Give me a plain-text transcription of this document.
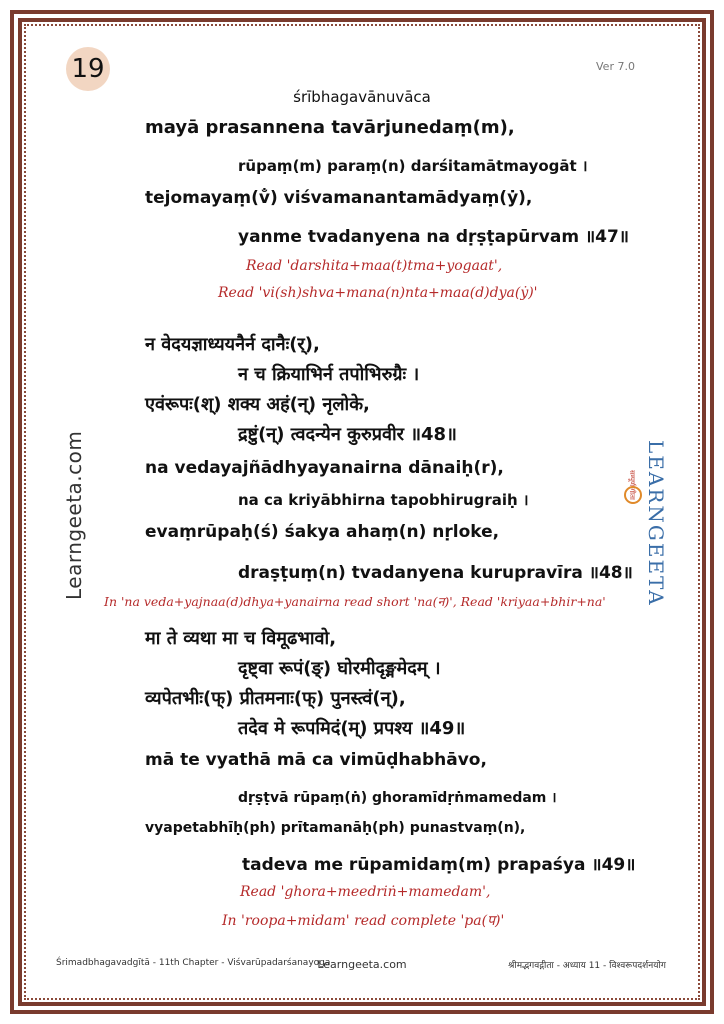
19	Ver 7.0
śrībhagavānuvāca
mayā prasannena tavārjunedaṃ(m),
rūpaṃ(m) paraṃ(n) darśitamātmayogāt ।
tejomayaṃ(v̐) viśvamanantamādyaṃ(ẏ),
yanme tvadanyena na dṛṣṭapūrvam ॥47॥
Read 'darshita+maa(t)tma+yogaat',
Read 'vi(sh)shva+mana(n)nta+maa(d)dya(ẏ)'
न वेदयज्ञाध्ययनैर्न दानैः(र्),
न च क्रियाभिर्न तपोभिरुग्रैः ।
एवंरूपः(श्) शक्य अहं(न्) नृलोके,
द्रष्टुं(न्) त्वदन्येन कुरुप्रवीर ॥48॥
na vedayajñādhyayanairna dānaiḥ(r),
na ca kriyābhirna tapobhirugraiḥ ।
evaṃrūpaḥ(ś) śakya ahaṃ(n) nṛloke,
draṣṭuṃ(n) tvadanyena kurupravīra ॥48॥
In 'na veda+yajnaa(d)dhya+yanairna read short 'na(न)', Read 'kriyaa+bhir+na'
मा ते व्यथा मा च विमूढभावो,
दृष्ट्वा रूपं(ङ्) घोरमीदृङ्ममेदम् ।
व्यपेतभीः(फ्) प्रीतमनाः(फ्) पुनस्त्वं(न्),
तदेव मे रूपमिदं(म्) प्रपश्य ॥49॥
mā te vyathā mā ca vimūḍhabhāvo,
dṛṣṭvā rūpaṃ(ṅ) ghoramīdṛṅmamedam ।
vyapetabhīḥ(ph) prītamanāḥ(ph) punastvaṃ(n),
tadeva me rūpamidaṃ(m) prapaśya ॥49॥
Read 'ghora+meedriṅ+mamedam',
In 'roopa+midam' read complete 'pa(प)'
Learngeeta.com	LEARNGEETA
सम्पूर्ण गीता
Śrimadbhagavadgītā - 11th Chapter - Viśvarūpadarśanayoga
Learngeeta.com	श्रीमद्भगवद्गीता - अध्याय 11 - विश्वरूपदर्शनयोग
